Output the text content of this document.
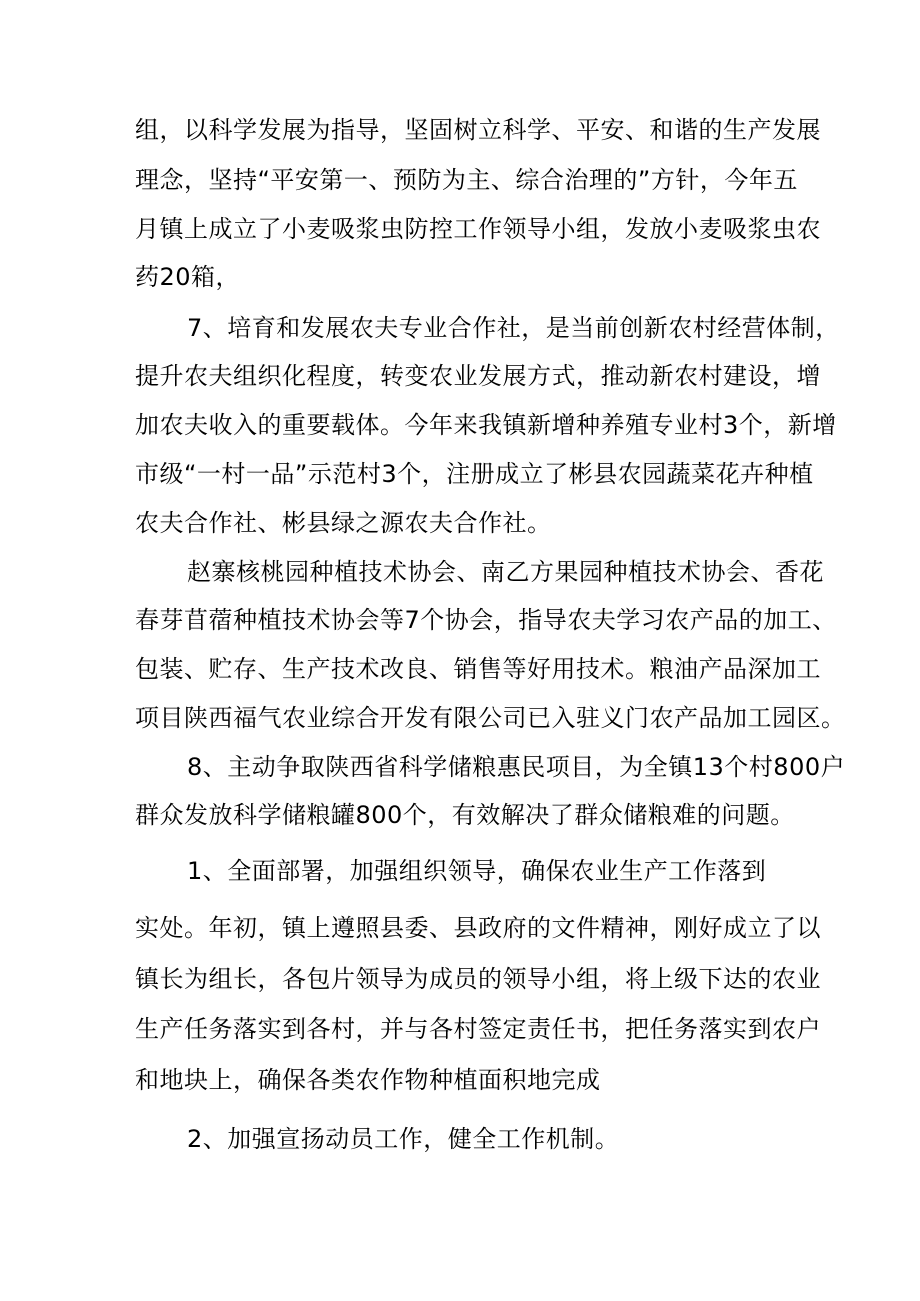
组，以科学发展为指导，坚固树立科学、平安、和谐的生产发展
理念，坚持“平安第一、预防为主、综合治理的”方针，今年五
月镇上成立了小麦吸浆虫防控工作领导小组，发放小麦吸浆虫农
药20箱，
7、培育和发展农夫专业合作社，是当前创新农村经营体制，
提升农夫组织化程度，转变农业发展方式，推动新农村建设，增
加农夫收入的重要载体。今年来我镇新增种养殖专业村3个，新增
市级“一村一品”示范村3个，注册成立了彬县农园蔬菜花卉种植
农夫合作社、彬县绿之源农夫合作社。
赵寨核桃园种植技术协会、南乙方果园种植技术协会、香花
春芽苜蓿种植技术协会等7个协会，指导农夫学习农产品的加工、
包装、贮存、生产技术改良、销售等好用技术。粮油产品深加工
项目陕西福气农业综合开发有限公司已入驻义门农产品加工园区。
8、主动争取陕西省科学储粮惠民项目，为全镇13个村800户
群众发放科学储粮罐800个，有效解决了群众储粮难的问题。
1、全面部署，加强组织领导，确保农业生产工作落到
实处。年初，镇上遵照县委、县政府的文件精神，刚好成立了以
镇长为组长，各包片领导为成员的领导小组，将上级下达的农业
生产任务落实到各村，并与各村签定责任书，把任务落实到农户
和地块上，确保各类农作物种植面积地完成
2、加强宣扬动员工作，健全工作机制。
